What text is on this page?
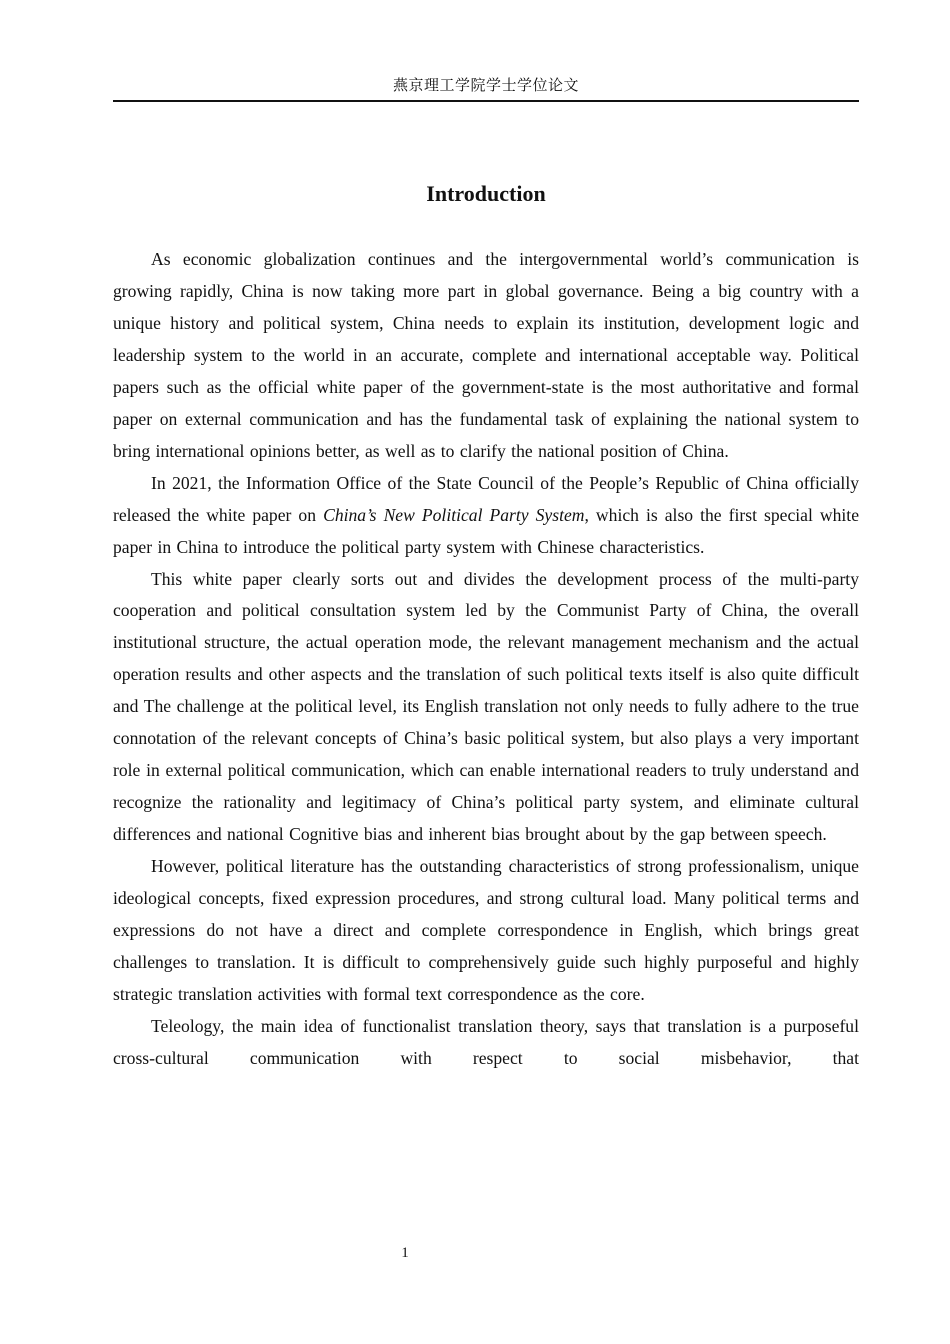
燕京理工学院学士学位论文
Introduction

As economic globalization continues and the intergovernmental world’s communication is growing rapidly, China is now taking more part in global governance. Being a big country with a unique history and political system, China needs to explain its institution, development logic and leadership system to the world in an accurate, complete and international acceptable way. Political papers such as the official white paper of the government-state is the most authoritative and formal paper on external communication and has the fundamental task of explaining the national system to bring international opinions better, as well as to clarify the national position of China.

In 2021, the Information Office of the State Council of the People’s Republic of China officially released the white paper on China’s New Political Party System, which is also the first special white paper in China to introduce the political party system with Chinese characteristics.

This white paper clearly sorts out and divides the development process of the multi-party cooperation and political consultation system led by the Communist Party of China, the overall institutional structure, the actual operation mode, the relevant management mechanism and the actual operation results and other aspects and the translation of such political texts itself is also quite difficult and The challenge at the political level, its English translation not only needs to fully adhere to the true connotation of the relevant concepts of China’s basic political system, but also plays a very important role in external political communication, which can enable international readers to truly understand and recognize the rationality and legitimacy of China’s political party system, and eliminate cultural differences and national Cognitive bias and inherent bias brought about by the gap between speech.

However, political literature has the outstanding characteristics of strong professionalism, unique ideological concepts, fixed expression procedures, and strong cultural load. Many political terms and expressions do not have a direct and complete correspondence in English, which brings great challenges to translation. It is difficult to comprehensively guide such highly purposeful and highly strategic translation activities with formal text correspondence as the core.

Teleology, the main idea of functionalist translation theory, says that translation is a purposeful cross-cultural communication with respect to social misbehavior, that

1
